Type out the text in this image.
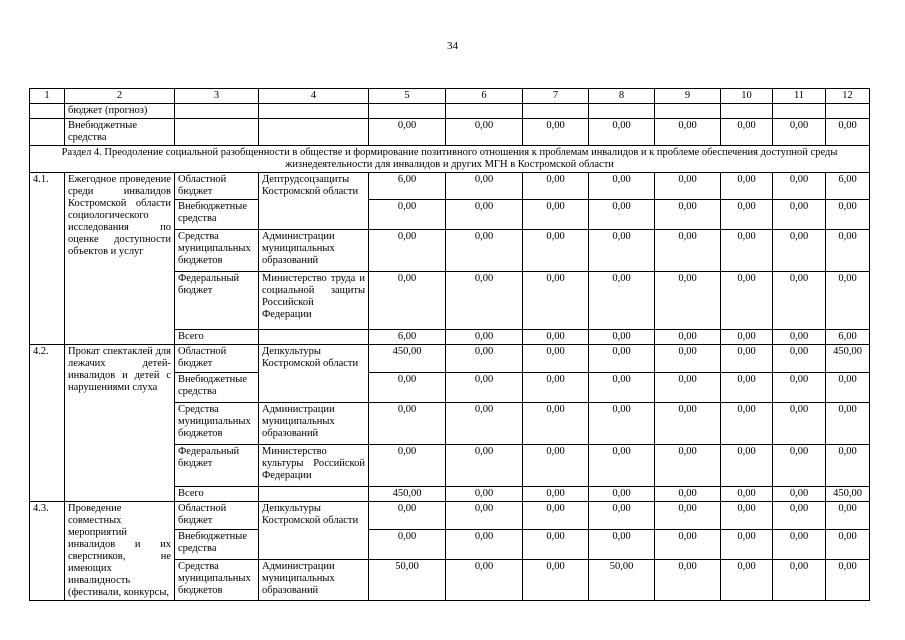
34
1	2	3	4	5	6	7	8	9	10	11	12
	бюджет (прогноз)										
	Внебюджетные средства			0,00	0,00	0,00	0,00	0,00	0,00	0,00	0,00
Раздел 4. Преодоление социальной разобщенности в обществе и формирование позитивного отношения к проблемам инвалидов и к проблеме обеспечения доступной среды жизнедеятельности для инвалидов и других МГН в Костромской области											
4.1.	Ежегодное проведение среди инвалидов Костромской области социологического исследования по оценке доступности объектов и услуг	Областной бюджет	Дептрудсоцзащиты Костромской области	6,00	0,00	0,00	0,00	0,00	0,00	0,00	6,00
		Внебюджетные средства		0,00	0,00	0,00	0,00	0,00	0,00	0,00	0,00
		Средства муниципальных бюджетов	Администрации муниципальных образований	0,00	0,00	0,00	0,00	0,00	0,00	0,00	0,00
		Федеральный бюджет	Министерство труда и социальной защиты Российской Федерации	0,00	0,00	0,00	0,00	0,00	0,00	0,00	0,00
		Всего		6,00	0,00	0,00	0,00	0,00	0,00	0,00	6,00
4.2.	Прокат спектаклей для лежачих детей-инвалидов и детей с нарушениями слуха	Областной бюджет	Депкультуры Костромской области	450,00	0,00	0,00	0,00	0,00	0,00	0,00	450,00
		Внебюджетные средства		0,00	0,00	0,00	0,00	0,00	0,00	0,00	0,00
		Средства муниципальных бюджетов	Администрации муниципальных образований	0,00	0,00	0,00	0,00	0,00	0,00	0,00	0,00
		Федеральный бюджет	Министерство культуры Российской Федерации	0,00	0,00	0,00	0,00	0,00	0,00	0,00	0,00
		Всего		450,00	0,00	0,00	0,00	0,00	0,00	0,00	450,00
4.3.	Проведение совместных мероприятий инвалидов и их сверстников, не имеющих инвалидность (фестивали, конкурсы,	Областной бюджет	Депкультуры Костромской области	0,00	0,00	0,00	0,00	0,00	0,00	0,00	0,00
		Внебюджетные средства		0,00	0,00	0,00	0,00	0,00	0,00	0,00	0,00
		Средства муниципальных бюджетов	Администрации муниципальных образований	50,00	0,00	0,00	50,00	0,00	0,00	0,00	0,00
